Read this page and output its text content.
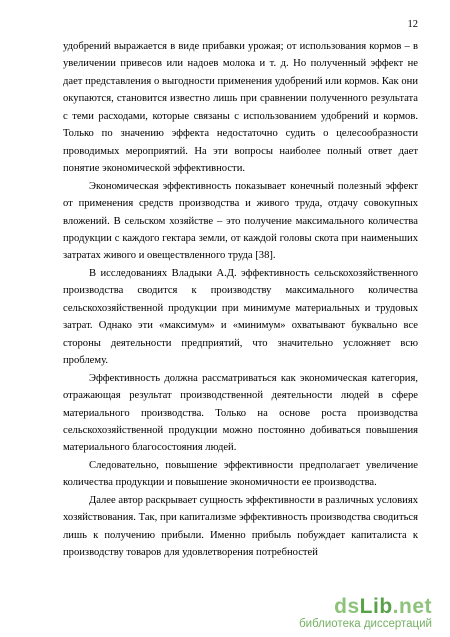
12

удобрений выражается в виде прибавки урожая; от использования кормов – в увеличении привесов или надоев молока и т. д. Но полученный эффект не дает представления о выгодности применения удобрений или кормов. Как они окупаются, становится известно лишь при сравнении полученного результата с теми расходами, которые связаны с использованием удобрений и кормов. Только по значению эффекта недостаточно судить о целесообразности проводимых мероприятий. На эти вопросы наиболее полный ответ дает понятие экономической эффективности.

Экономическая эффективность показывает конечный полезный эффект от применения средств производства и живого труда, отдачу совокупных вложений. В сельском хозяйстве – это получение максимального количества продукции с каждого гектара земли, от каждой головы скота при наименьших затратах живого и овеществленного труда [38].

В исследованиях Владыки А.Д. эффективность сельскохозяйственного производства сводится к производству максимального количества сельскохозяйственной продукции при минимуме материальных и трудовых затрат. Однако эти «максимум» и «минимум» охватывают буквально все стороны деятельности предприятий, что значительно усложняет всю проблему.

Эффективность должна рассматриваться как экономическая категория, отражающая результат производственной деятельности людей в сфере материального производства. Только на основе роста производства сельскохозяйственной продукции можно постоянно добиваться повышения материального благосостояния людей.

Следовательно, повышение эффективности предполагает увеличение количества продукции и повышение экономичности ее производства.

Далее автор раскрывает сущность эффективности в различных условиях хозяйствования. Так, при капитализме эффективность производства сводиться лишь к получению прибыли. Именно прибыль побуждает капиталиста к производству товаров для удовлетворения потребностей

dsLib.net
библиотека диссертаций
